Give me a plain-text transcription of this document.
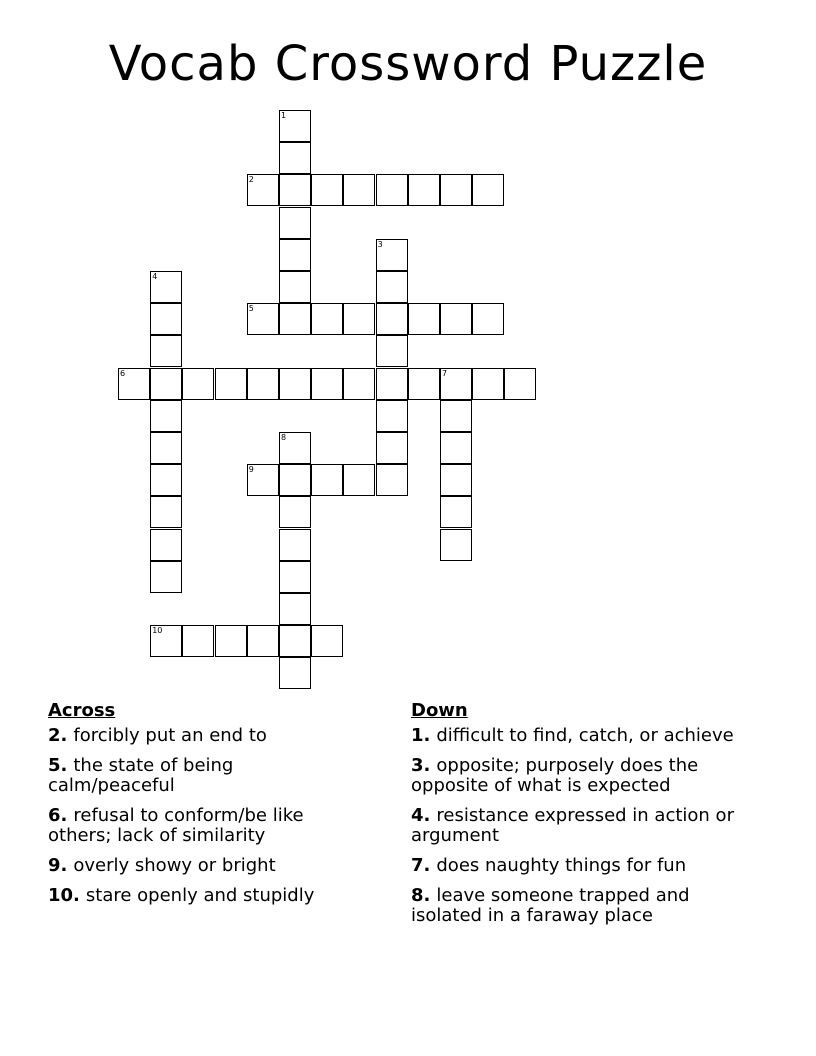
Vocab Crossword Puzzle
1
2
3
4
5
6	7
8
9
10
Across
2. forcibly put an end to
5. the state of being calm/peaceful
6. refusal to conform/be like others; lack of similarity
9. overly showy or bright
10. stare openly and stupidly
Down
1. difficult to find, catch, or achieve
3. opposite; purposely does the opposite of what is expected
4. resistance expressed in action or argument
7. does naughty things for fun
8. leave someone trapped and isolated in a faraway place
